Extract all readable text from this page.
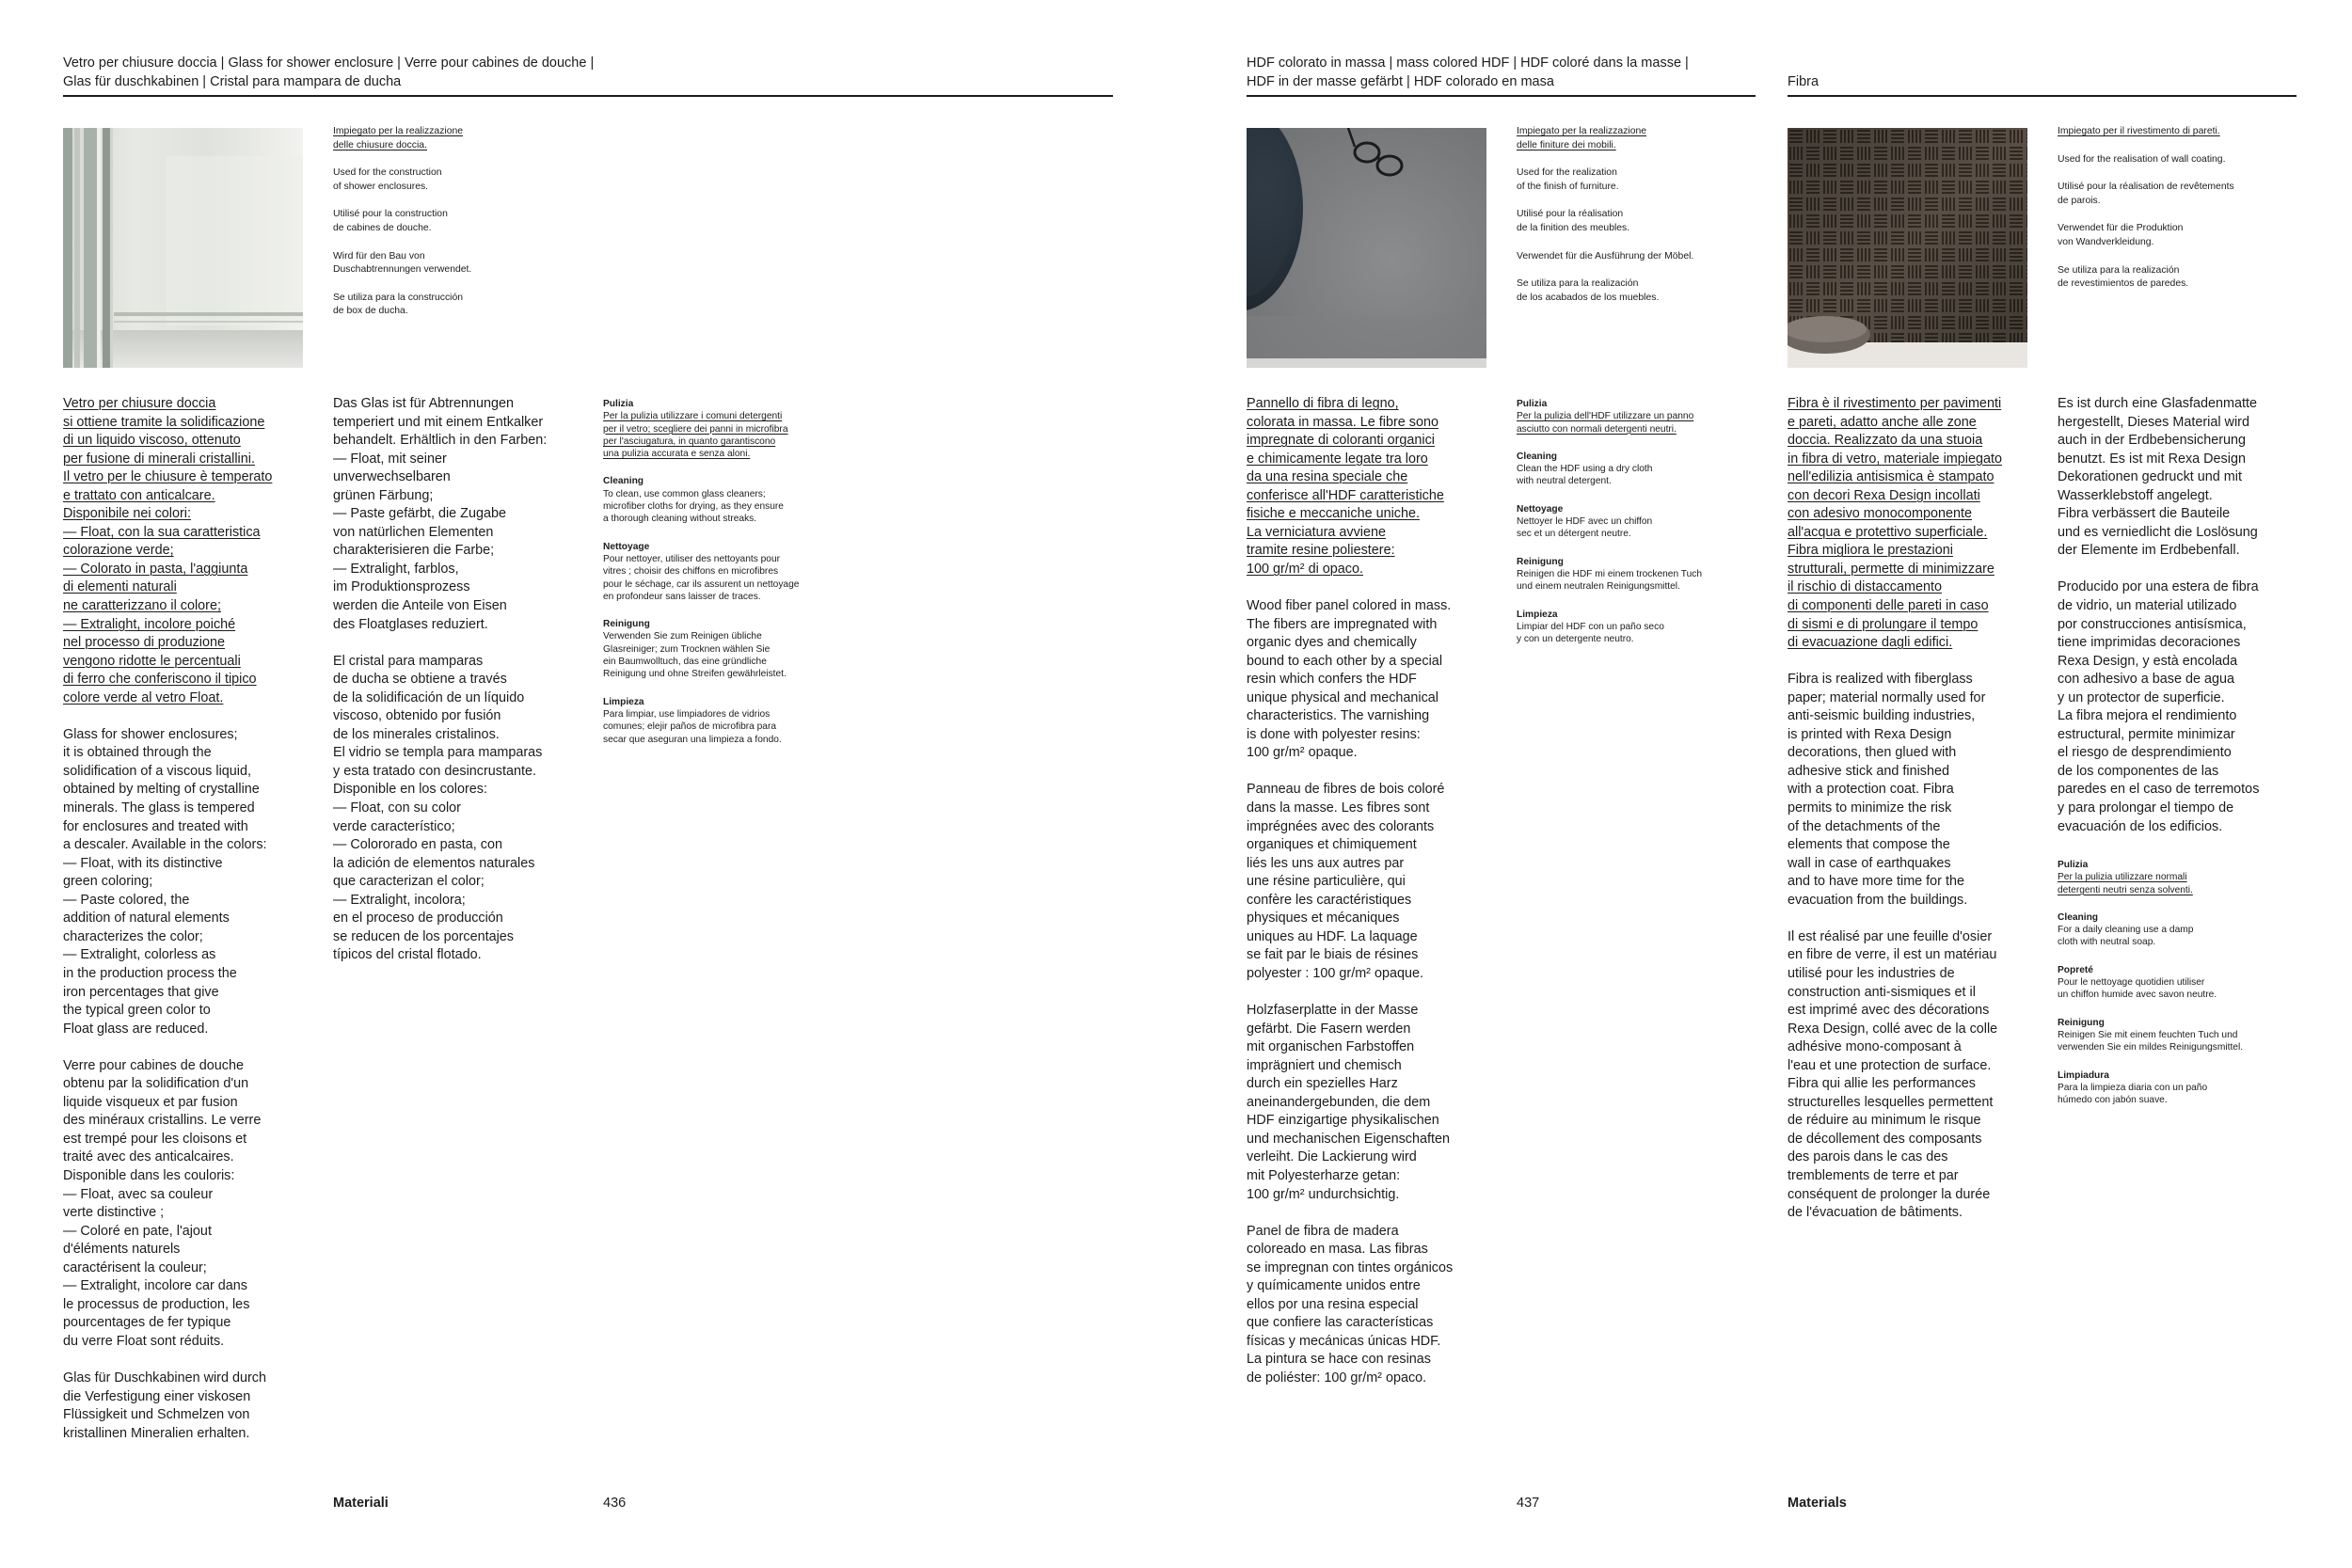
Vetro per chiusure doccia | Glass for shower enclosure | Verre pour cabines de douche |
Glas für duschkabinen | Cristal para mampara de ducha

Impiegato per la realizzazione
delle chiusure doccia.

Used for the construction
of shower enclosures.

Utilisé pour la construction
de cabines de douche.

Wird für den Bau von
Duschabtrennungen verwendet.

Se utiliza para la construcción
de box de ducha.

Vetro per chiusure doccia
si ottiene tramite la solidificazione
di un liquido viscoso, ottenuto
per fusione di minerali cristallini.
Il vetro per le chiusure è temperato
e trattato con anticalcare.
Disponibile nei colori:
— Float, con la sua caratteristica
colorazione verde;
— Colorato in pasta, l'aggiunta
di elementi naturali
ne caratterizzano il colore;
— Extralight, incolore poiché
nel processo di produzione
vengono ridotte le percentuali
di ferro che conferiscono il tipico
colore verde al vetro Float.
Glass for shower enclosures;
it is obtained through the
solidification of a viscous liquid,
obtained by melting of crystalline
minerals. The glass is tempered
for enclosures and treated with
a descaler. Available in the colors:
— Float, with its distinctive
green coloring;
— Paste colored, the
addition of natural elements
characterizes the color;
— Extralight, colorless as
in the production process the
iron percentages that give
the typical green color to
Float glass are reduced.
Verre pour cabines de douche
obtenu par la solidification d'un
liquide visqueux et par fusion
des minéraux cristallins. Le verre
est trempé pour les cloisons et
traité avec des anticalcaires.
Disponible dans les couloris:
— Float, avec sa couleur
verte distinctive ;
— Coloré en pate, l'ajout
d'éléments naturels
caractérisent la couleur;
— Extralight, incolore car dans
le processus de production, les
pourcentages de fer typique
du verre Float sont réduits.
Glas für Duschkabinen wird durch
die Verfestigung einer viskosen
Flüssigkeit und Schmelzen von
kristallinen Mineralien erhalten.
Das Glas ist für Abtrennungen
temperiert und mit einem Entkalker
behandelt. Erhältlich in den Farben:
— Float, mit seiner
unverwechselbaren
grünen Färbung;
— Paste gefärbt, die Zugabe
von natürlichen Elementen
charakterisieren die Farbe;
— Extralight, farblos,
im Produktionsprozess
werden die Anteile von Eisen
des Floatglases reduziert.
El cristal para mamparas
de ducha se obtiene a través
de la solidificación de un líquido
viscoso, obtenido por fusión
de los minerales cristalinos.
El vidrio se templa para mamparas
y esta tratado con desincrustante.
Disponible en los colores:
— Float, con su color
verde característico;
— Colororado en pasta, con
la adición de elementos naturales
que caracterizan el color;
— Extralight, incolora;
en el proceso de producción
se reducen de los porcentajes
típicos del cristal flotado.
Pulizia
Per la pulizia utilizzare i comuni detergenti
per il vetro; scegliere dei panni in microfibra
per l'asciugatura, in quanto garantiscono
una pulizia accurata e senza aloni.
Cleaning
To clean, use common glass cleaners;
microfiber cloths for drying, as they ensure
a thorough cleaning without streaks.
Nettoyage
Pour nettoyer, utiliser des nettoyants pour
vitres ; choisir des chiffons en microfibres
pour le séchage, car ils assurent un nettoyage
en profondeur sans laisser de traces.
Reinigung
Verwenden Sie zum Reinigen übliche
Glasreiniger; zum Trocknen wählen Sie
ein Baumwolltuch, das eine gründliche
Reinigung und ohne Streifen gewährleistet.
Limpieza
Para limpiar, use limpiadores de vidrios
comunes; elejir paños de microfibra para
secar que aseguran una limpieza a fondo.
Materiali	436
HDF colorato in massa | mass colored HDF | HDF coloré dans la masse |
HDF in der masse gefärbt | HDF colorado en masa	Fibra

Impiegato per la realizzazione
delle finiture dei mobili.

Used for the realization
of the finish of furniture.

Utilisé pour la réalisation
de la finition des meubles.

Verwendet für die Ausführung der Möbel.

Se utiliza para la realización
de los acabados de los muebles.

Impiegato per il rivestimento di pareti.

Used for the realisation of wall coating.

Utilisé pour la réalisation de revêtements
de parois.

Verwendet für die Produktion
von Wandverkleidung.

Se utiliza para la realización
de revestimientos de paredes.

Pannello di fibra di legno,
colorata in massa. Le fibre sono
impregnate di coloranti organici
e chimicamente legate tra loro
da una resina speciale che
conferisce all'HDF caratteristiche
fisiche e meccaniche uniche.
La verniciatura avviene
tramite resine poliestere:
100 gr/m² di opaco.
Wood fiber panel colored in mass.
The fibers are impregnated with
organic dyes and chemically
bound to each other by a special
resin which confers the HDF
unique physical and mechanical
characteristics. The varnishing
is done with polyester resins:
100 gr/m² opaque.
Panneau de fibres de bois coloré
dans la masse. Les fibres sont
imprégnées avec des colorants
organiques et chimiquement
liés les uns aux autres par
une résine particulière, qui
confère les caractéristiques
physiques et mécaniques
uniques au HDF. La laquage
se fait par le biais de résines
polyester : 100 gr/m² opaque.
Holzfaserplatte in der Masse
gefärbt. Die Fasern werden
mit organischen Farbstoffen
imprägniert und chemisch
durch ein spezielles Harz
aneinandergebunden, die dem
HDF einzigartige physikalischen
und mechanischen Eigenschaften
verleiht. Die Lackierung wird
mit Polyesterharze getan:
100 gr/m² undurchsichtig.
Panel de fibra de madera
coloreado en masa. Las fibras
se impregnan con tintes orgánicos
y químicamente unidos entre
ellos por una resina especial
que confiere las características
físicas y mecánicas únicas HDF.
La pintura se hace con resinas
de poliéster: 100 gr/m² opaco.
Pulizia
Per la pulizia dell'HDF utilizzare un panno
asciutto con normali detergenti neutri.
Cleaning
Clean the HDF using a dry cloth
with neutral detergent.
Nettoyage
Nettoyer le HDF avec un chiffon
sec et un détergent neutre.
Reinigung
Reinigen die HDF mi einem trockenen Tuch
und einem neutralen Reinigungsmittel.
Limpieza
Limpiar del HDF con un paño seco
y con un detergente neutro.
Fibra è il rivestimento per pavimenti
e pareti, adatto anche alle zone
doccia. Realizzato da una stuoia
in fibra di vetro, materiale impiegato
nell'edilizia antisismica è stampato
con decori Rexa Design incollati
con adesivo monocomponente
all'acqua e protettivo superficiale.
Fibra migliora le prestazioni
strutturali, permette di minimizzare
il rischio di distaccamento
di componenti delle pareti in caso
di sismi e di prolungare il tempo
di evacuazione dagli edifici.
Fibra is realized with fiberglass
paper; material normally used for
anti-seismic building industries,
is printed with Rexa Design
decorations, then glued with
adhesive stick and finished
with a protection coat. Fibra
permits to minimize the risk
of the detachments of the
elements that compose the
wall in case of earthquakes
and to have more time for the
evacuation from the buildings.
Il est réalisé par une feuille d'osier
en fibre de verre, il est un matériau
utilisé pour les industries de
construction anti-sismiques et il
est imprimé avec des décorations
Rexa Design, collé avec de la colle
adhésive mono-composant à
l'eau et une protection de surface.
Fibra qui allie les performances
structurelles lesquelles permettent
de réduire au minimum le risque
de décollement des composants
des parois dans le cas des
tremblements de terre et par
conséquent de prolonger la durée
de l'évacuation de bâtiments.
Es ist durch eine Glasfadenmatte
hergestellt, Dieses Material wird
auch in der Erdbebensicherung
benutzt. Es ist mit Rexa Design
Dekorationen gedruckt und mit
Wasserklebstoff angelegt.
Fibra verbässert die Bauteile
und es verniedlicht die Loslösung
der Elemente im Erdbebenfall.
Producido por una estera de fibra
de vidrio, un material utilizado
por construcciones antisísmica,
tiene imprimidas decoraciones
Rexa Design, y està encolada
con adhesivo a base de agua
y un protector de superficie.
La fibra mejora el rendimiento
estructural, permite minimizar
el riesgo de desprendimiento
de los componentes de las
paredes en el caso de terremotos
y para prolongar el tiempo de
evacuación de los edificios.
Pulizia
Per la pulizia utilizzare normali
detergenti neutri senza solventi.
Cleaning
For a daily cleaning use a damp
cloth with neutral soap.
Popreté
Pour le nettoyage quotidien utiliser
un chiffon humide avec savon neutre.
Reinigung
Reinigen Sie mit einem feuchten Tuch und
verwenden Sie ein mildes Reinigungsmittel.
Limpiadura
Para la limpieza diaria con un paño
húmedo con jabón suave.
437	Materials
